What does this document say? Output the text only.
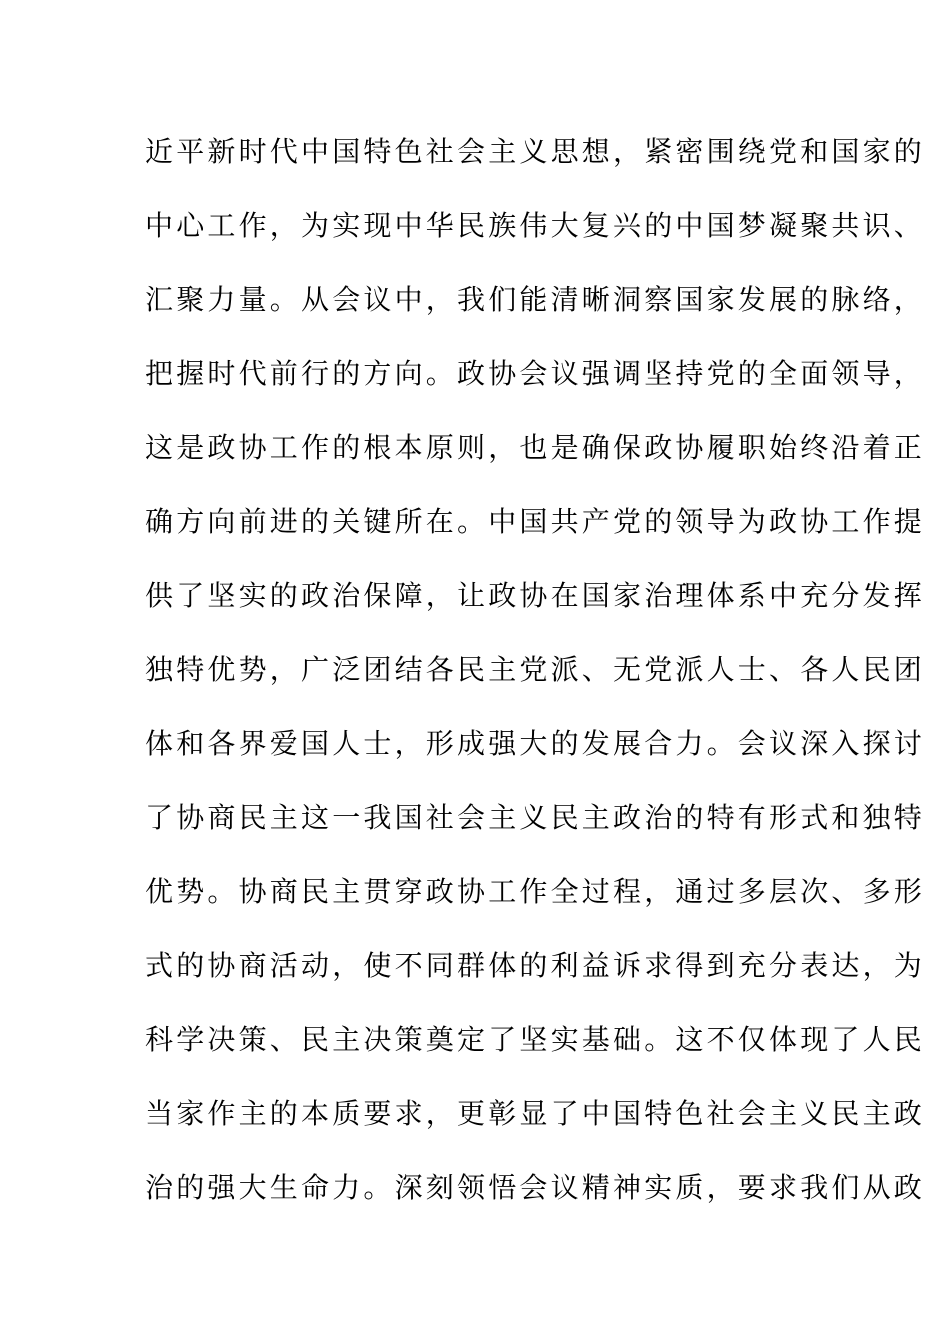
近平新时代中国特色社会主义思想，紧密围绕党和国家的
中心工作，为实现中华民族伟大复兴的中国梦凝聚共识、
汇聚力量。从会议中，我们能清晰洞察国家发展的脉络，
把握时代前行的方向。政协会议强调坚持党的全面领导，
这是政协工作的根本原则，也是确保政协履职始终沿着正
确方向前进的关键所在。中国共产党的领导为政协工作提
供了坚实的政治保障，让政协在国家治理体系中充分发挥
独特优势，广泛团结各民主党派、无党派人士、各人民团
体和各界爱国人士，形成强大的发展合力。会议深入探讨
了协商民主这一我国社会主义民主政治的特有形式和独特
优势。协商民主贯穿政协工作全过程，通过多层次、多形
式的协商活动，使不同群体的利益诉求得到充分表达，为
科学决策、民主决策奠定了坚实基础。这不仅体现了人民
当家作主的本质要求，更彰显了中国特色社会主义民主政
治的强大生命力。深刻领悟会议精神实质，要求我们从政
